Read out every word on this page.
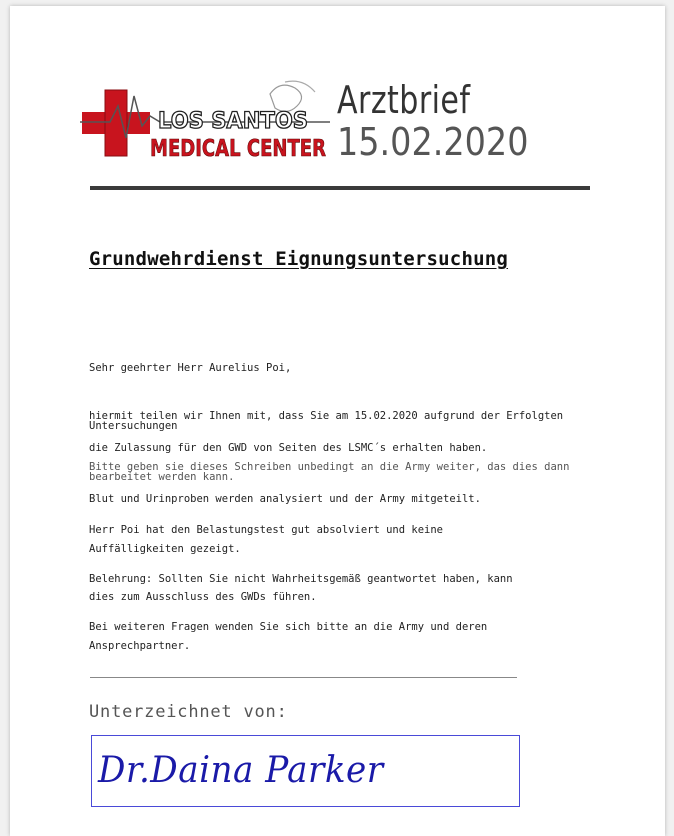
LOS SANTOS
MEDICAL CENTER
Arztbrief
15.02.2020
Grundwehrdienst Eignungsuntersuchung
Sehr geehrter Herr Aurelius Poi,
hiermit teilen wir Ihnen mit, dass Sie am 15.02.2020 aufgrund der Erfolgten Untersuchungen
die Zulassung für den GWD von Seiten des LSMC´s erhalten haben.
Bitte geben sie dieses Schreiben unbedingt an die Army weiter, das dies dann bearbeitet werden kann.
Blut und Urinproben werden analysiert und der Army mitgeteilt.
Herr Poi hat den Belastungstest gut absolviert und keine
Auffälligkeiten gezeigt.
Belehrung: Sollten Sie nicht Wahrheitsgemäß geantwortet haben, kann
dies zum Ausschluss des GWDs führen.
Bei weiteren Fragen wenden Sie sich bitte an die Army und deren
Ansprechpartner.
Unterzeichnet von:
Dr.Daina Parker
